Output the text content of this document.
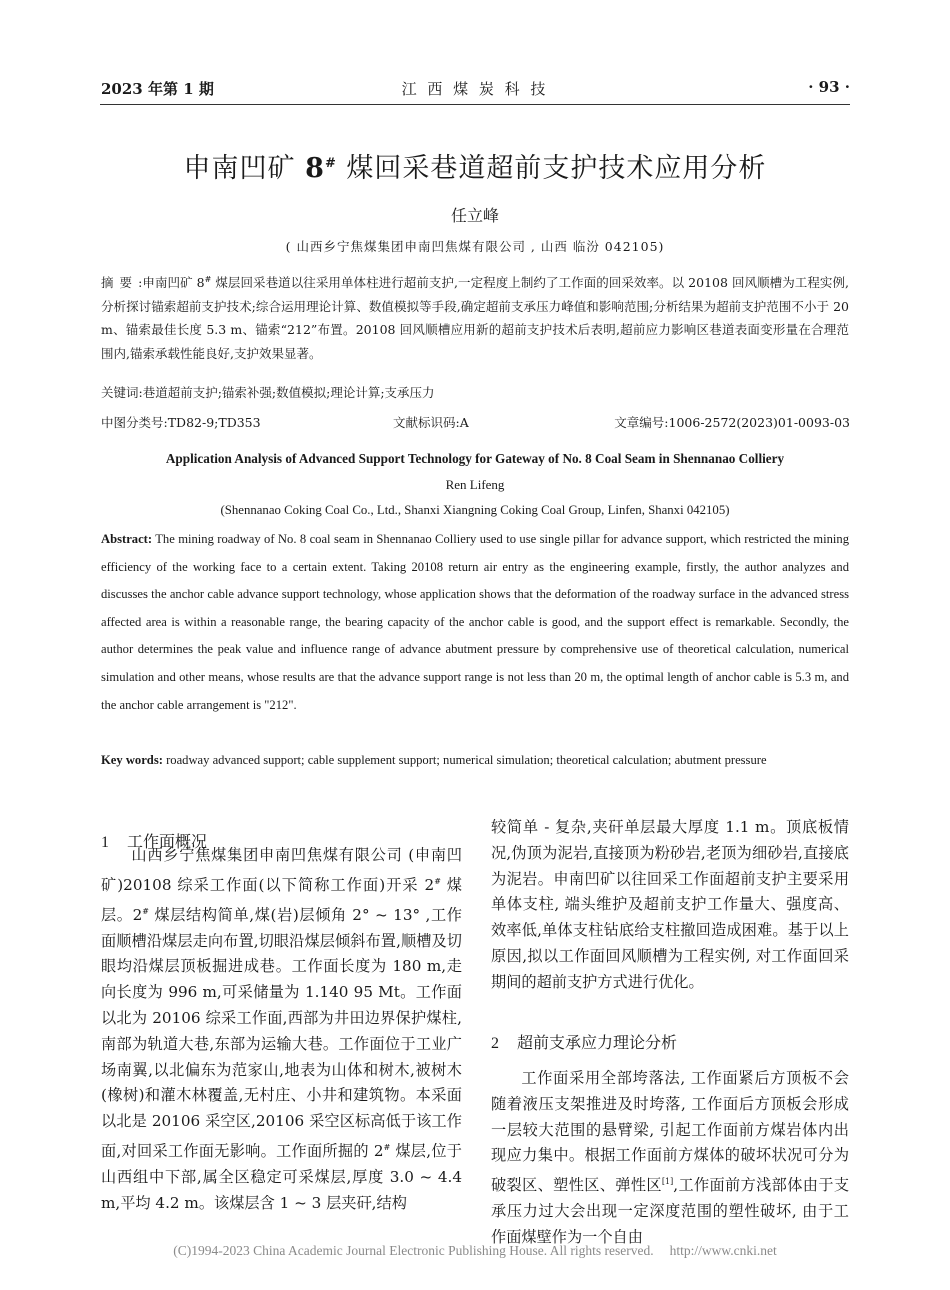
2023 年第 1 期	江 西 煤 炭 科 技	· 93 ·
申南凹矿 8# 煤回采巷道超前支护技术应用分析
任立峰
( 山西乡宁焦煤集团申南凹焦煤有限公司 , 山西 临汾 042105)
摘要:申南凹矿 8# 煤层回采巷道以往采用单体柱进行超前支护,一定程度上制约了工作面的回采效率。以 20108 回风顺槽为工程实例,分析探讨锚索超前支护技术;综合运用理论计算、数值模拟等手段,确定超前支承压力峰值和影响范围;分析结果为超前支护范围不小于 20 m、锚索最佳长度 5.3 m、锚索“212”布置。20108 回风顺槽应用新的超前支护技术后表明,超前应力影响区巷道表面变形量在合理范围内,锚索承载性能良好,支护效果显著。
关键词:巷道超前支护;锚索补强;数值模拟;理论计算;支承压力
中图分类号:TD82-9;TD353	文献标识码:A	文章编号:1006-2572(2023)01-0093-03
Application Analysis of Advanced Support Technology for Gateway of No. 8 Coal Seam in Shennanao Colliery
Ren Lifeng
(Shennanao Coking Coal Co., Ltd., Shanxi Xiangning Coking Coal Group, Linfen, Shanxi 042105)
Abstract: The mining roadway of No. 8 coal seam in Shennanao Colliery used to use single pillar for advance support, which restricted the mining efficiency of the working face to a certain extent. Taking 20108 return air entry as the engineering example, firstly, the author analyzes and discusses the anchor cable advance support technology, whose application shows that the deformation of the roadway surface in the advanced stress affected area is within a reasonable range, the bearing capacity of the anchor cable is good, and the support effect is remarkable. Secondly, the author determines the peak value and influence range of advance abutment pressure by comprehensive use of theoretical calculation, numerical simulation and other means, whose results are that the advance support range is not less than 20 m, the optimal length of anchor cable is 5.3 m, and the anchor cable arrangement is "212".
Key words: roadway advanced support; cable supplement support; numerical simulation; theoretical calculation; abutment pressure
1 工作面概况
山西乡宁焦煤集团申南凹焦煤有限公司 (申南凹矿)20108 综采工作面(以下简称工作面)开采 2# 煤层。2# 煤层结构简单,煤(岩)层倾角 2° ~ 13° ,工作面顺槽沿煤层走向布置,切眼沿煤层倾斜布置,顺槽及切眼均沿煤层顶板掘进成巷。工作面长度为 180 m,走向长度为 996 m,可采储量为 1.140 95 Mt。工作面以北为 20106 综采工作面,西部为井田边界保护煤柱,南部为轨道大巷,东部为运输大巷。工作面位于工业广场南翼,以北偏东为范家山,地表为山体和树木,被树木(橡树)和灌木林覆盖,无村庄、小井和建筑物。本采面以北是 20106 采空区,20106 采空区标高低于该工作面,对回采工作面无影响。工作面所掘的 2# 煤层,位于山西组中下部,属全区稳定可采煤层,厚度 3.0 ~ 4.4 m,平均 4.2 m。该煤层含 1 ~ 3 层夹矸,结构
较简单 - 复杂,夹矸单层最大厚度 1.1 m。顶底板情况,伪顶为泥岩,直接顶为粉砂岩,老顶为细砂岩,直接底为泥岩。申南凹矿以往回采工作面超前支护主要采用单体支柱, 端头维护及超前支护工作量大、强度高、效率低,单体支柱钻底给支柱撤回造成困难。基于以上原因,拟以工作面回风顺槽为工程实例, 对工作面回采期间的超前支护方式进行优化。
2 超前支承应力理论分析
工作面采用全部垮落法, 工作面紧后方顶板不会随着液压支架推进及时垮落, 工作面后方顶板会形成一层较大范围的悬臂梁, 引起工作面前方煤岩体内出现应力集中。根据工作面前方煤体的破坏状况可分为破裂区、塑性区、弹性区[1],工作面前方浅部体由于支承压力过大会出现一定深度范围的塑性破坏, 由于工作面煤壁作为一个自由
(C)1994-2023 China Academic Journal Electronic Publishing House. All rights reserved. http://www.cnki.net
